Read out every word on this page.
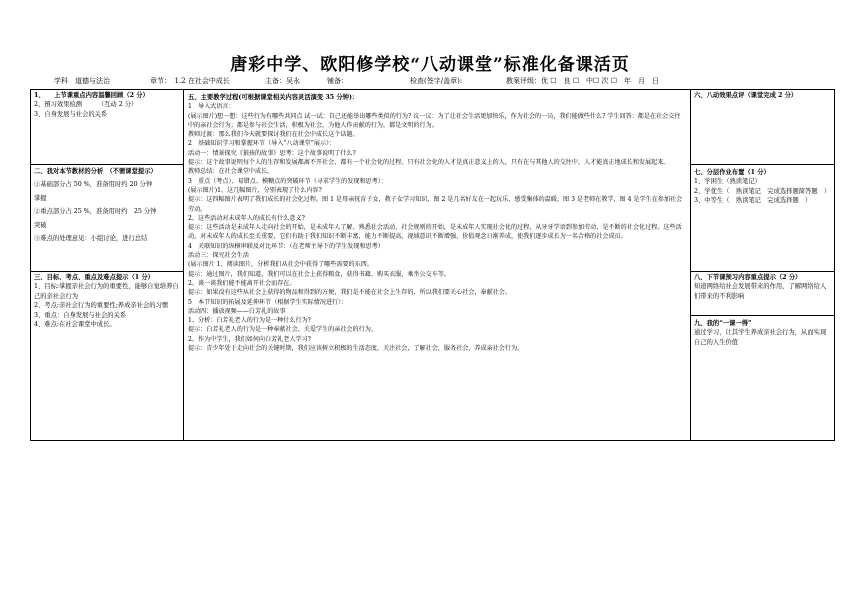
唐彩中学、欧阳修学校“八动课堂”标准化备课活页
学科　道德与法治	章节：　1.2 在社会中成长	主备：吴永	铺备：	检查(签字/盖章):	教案评级：优 ☐　良 ☐　中☐ 次 ☐　年　月　日

1、　　上节课重点内容温馨回顾（2 分）

2、預习效果检测　　　（互动 2 分）

3、自身发展与社会的关系

二、我对本节教材的分析　（不需课堂提示）

①基础部分占 50 %，准备用时约 20 分钟

掌握

②重点部分占 25 %，准备用时约　25 分钟

突破

③难点的处理意见：小组讨论，进行总结

三、目标、考点、重点及难点提示（1 分）

1、目标:掌握亲社会行为的重要性，能够自觉培养自己的亲社会行为

2、考点:亲社会行为的重要性;养成亲社会的习惯

3、重点：自身发展与社会的关系

4、难点:在社会课堂中成长。

五、主要教学过程(可根据课堂相关内容灵活演变 35 分钟)：

1　导入式语言：

(展示图片)想一想：这些行为有哪些共同点 试一试：自己还能举出哪些类似的行为? 议一议：为了让社会生活更加快乐，作为社会的一员，我们能做些什么? 学生回答：都是在社会交往中的亲社会行为；都是参与社会生活，积极为社会，为他人作贡献的行为，都是文明的行为。

教师过渡：那么我们今天就要探讨我们在社会中成长这个话题。

2　基础知识学习和掌握环节（导入“八动课堂”展示）：

活动一：情景探究《狼孩的故事》思考：这个故事说明了什么?

提示：这个故事说明每个人的生存和发展都离不开社会，都有一个社会化的过程。只有社会化的人才是真正意义上的人，只有在与其他人的交往中，人才能真正地成长和发展起来。

教师总结：在社会课堂中成长。

3　重点（考点）、易错点、模糊点的突破环节（寻求学生的发现和思考）：

(展示图片)1、这几幅图片，分别表现了什么内容?

提示：这四幅图片表明了我们成长的社会化过程。图 1 是母亲抚育子女，教子女学习知识，图 2 是几名好友在一起玩乐，感受集体的温暖，图 3 是老师在教学，图 4 是学生在参加社会劳动。

2、这些活动对未成年人的成长有什么意义?

提示：这些活动是未成年人走向社会的开始，是未成年人了解、熟悉社会活动、社会规则的开始，是未成年人实现社会化的过程，从牙牙学语到参加劳动，是不断的社会化过程。这些活动，对未成年人的成长至关重要，它们有助于我们知识不断丰富，能力不断提高，视域意识不断增强，价值观念日渐养成，使我们逐步成长为一名合格的社会成员。

4　关联知识的纵横串联及对比环节：（在老师主导下的学生发现和思考）

活动三：探究社会生活

(展示图片 1、阅读图片，分析我们从社会中获得了哪些需要的东西。

提示：通过图片，我们知道，我们可以在社会上获得粮食，获得书籍、购买衣服、乘坐公交车等。

2、谈一谈我们能不能离开社会而存在。

提示：如果没有这些从社会上获得的物品和得到的方便，我们是不能在社会上生存的，所以我们要关心社会，奉献社会。

5　本节知识的拓展及延伸环节（根据学生实际情况进行）：

活动四：播放视频——白芳礼的故事

1、分析：白芳礼老人的行为是一种什么行为?

提示：白芳礼老人的行为是一种奉献社会、关爱学生的亲社会的行为。

2、作为中学生，我们如何向白芳礼老人学习?

提示：青少年处于走向社会的关键时期，我们应该树立积极的生活态度，关注社会，了解社会，服务社会，养成亲社会行为。

六、八动效果点评（课堂完成 2 分）

七、分层作业布置（1 分）

1、学困生（熟读笔记）

2、学优生（　熟读笔记　完成选择题简答题　）

3、中等生（　熟读笔记　完成选择题　）

八、下节课预习内容重点提示（2 分）

知道网络给社会发展带来的作用，了解网络给人们带来的不利影响

九、我的“一课一得”

通过学习，让其学生养成亲社会行为，从而实现自己的人生价值
